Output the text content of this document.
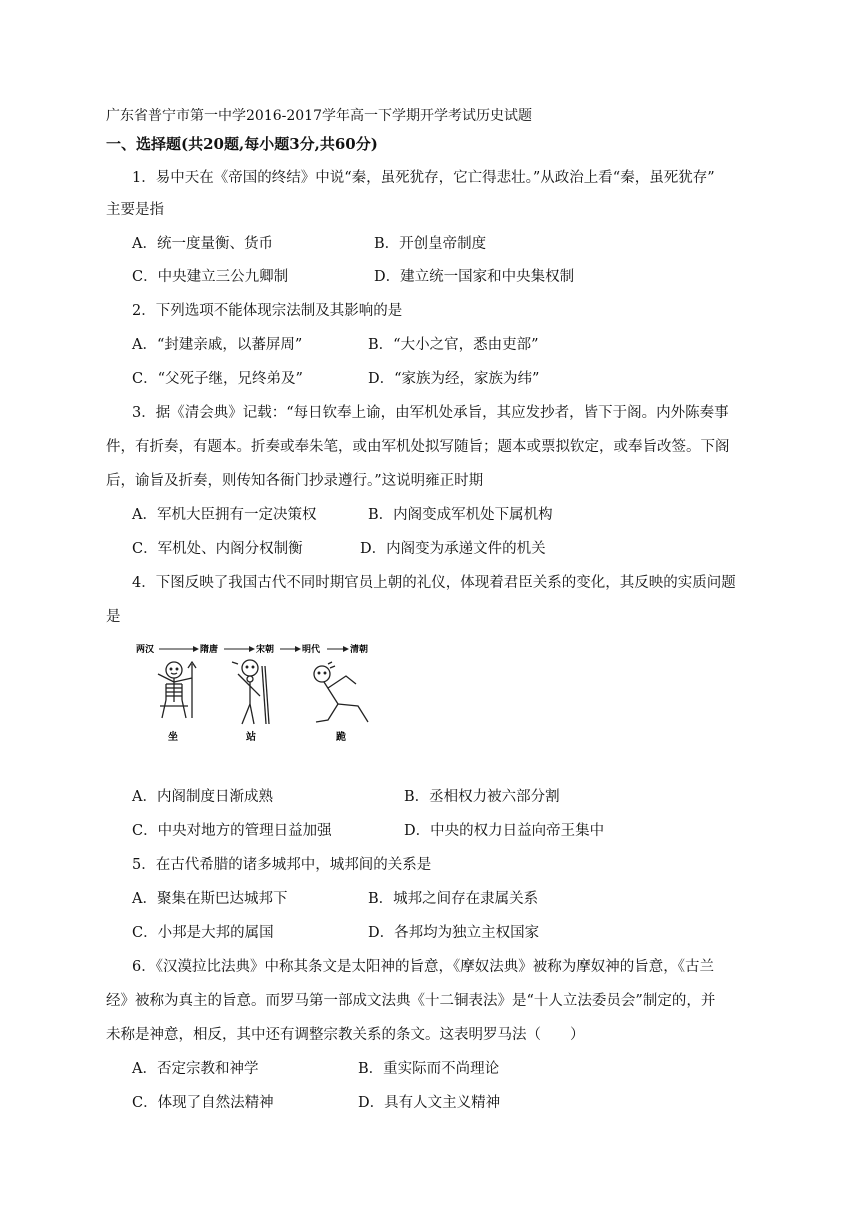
广东省普宁市第一中学2016-2017学年高一下学期开学考试历史试题
一、选择题(共20题,每小题3分,共60分)
1．易中天在《帝国的终结》中说“秦，虽死犹存，它亡得悲壮。”从政治上看“秦，虽死犹存”
主要是指
A．统一度量衡、货币	B．开创皇帝制度
C．中央建立三公九卿制	D．建立统一国家和中央集权制
2．下列选项不能体现宗法制及其影响的是
A．“封建亲戚，以蕃屏周”	B．“大小之官，悉由吏部”
C．“父死子继，兄终弟及”	D．“家族为经，家族为纬”
3．据《清会典》记载：“每日钦奉上谕，由军机处承旨，其应发抄者，皆下于阁。内外陈奏事
件，有折奏，有题本。折奏或奉朱笔，或由军机处拟写随旨；题本或票拟钦定，或奉旨改签。下阁
后，谕旨及折奏，则传知各衙门抄录遵行。”这说明雍正时期
A．军机大臣拥有一定决策权	B．内阁变成军机处下属机构
C．军机处、内阁分权制衡	D．内阁变为承递文件的机关
4．下图反映了我国古代不同时期官员上朝的礼仪，体现着君臣关系的变化，其反映的实质问题
是
两汉	隋唐	宋朝	明代	清朝
坐	站	跪
A．内阁制度日渐成熟	B．丞相权力被六部分割
C．中央对地方的管理日益加强	D．中央的权力日益向帝王集中
5．在古代希腊的诸多城邦中，城邦间的关系是
A．聚集在斯巴达城邦下	B．城邦之间存在隶属关系
C．小邦是大邦的属国	D．各邦均为独立主权国家
6．《汉漠拉比法典》中称其条文是太阳神的旨意，《摩奴法典》被称为摩奴神的旨意，《古兰
经》被称为真主的旨意。而罗马第一部成文法典《十二铜表法》是“十人立法委员会”制定的，并
未称是神意，相反，其中还有调整宗教关系的条文。这表明罗马法（　　）
A．否定宗教和神学	B．重实际而不尚理论
C．体现了自然法精神	D．具有人文主义精神
